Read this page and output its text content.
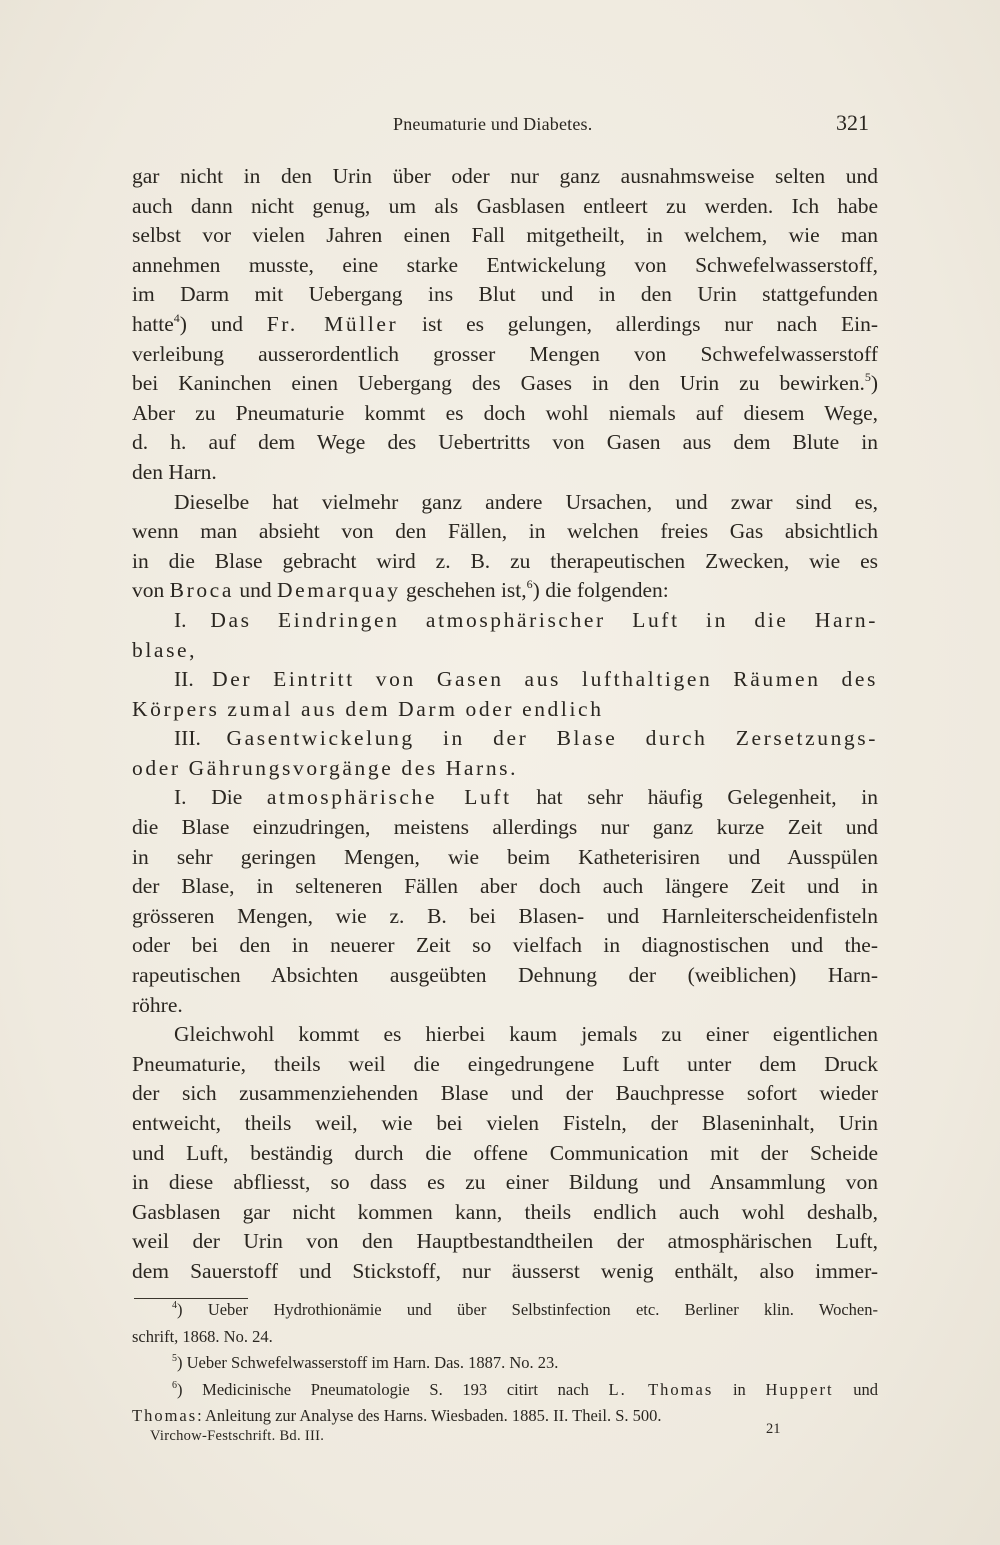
Pneumaturie und Diabetes.	321
gar nicht in den Urin über oder nur ganz ausnahmsweise selten und
auch dann nicht genug, um als Gasblasen entleert zu werden. Ich habe
selbst vor vielen Jahren einen Fall mitgetheilt, in welchem, wie man
annehmen musste, eine starke Entwickelung von Schwefelwasserstoff,
im Darm mit Uebergang ins Blut und in den Urin stattgefunden
hatte$^4$) und Fr. Müller ist es gelungen, allerdings nur nach Ein-
verleibung ausserordentlich grosser Mengen von Schwefelwasserstoff
bei Kaninchen einen Uebergang des Gases in den Urin zu bewirken.$^5$)
Aber zu Pneumaturie kommt es doch wohl niemals auf diesem Wege,
d. h. auf dem Wege des Uebertritts von Gasen aus dem Blute in
den Harn.
Dieselbe hat vielmehr ganz andere Ursachen, und zwar sind es,
wenn man absieht von den Fällen, in welchen freies Gas absichtlich
in die Blase gebracht wird z. B. zu therapeutischen Zwecken, wie es
von Broca und Demarquay geschehen ist,$^6$) die folgenden:
I. Das Eindringen atmosphärischer Luft in die Harn-
blase,
II. Der Eintritt von Gasen aus lufthaltigen Räumen des
Körpers zumal aus dem Darm oder endlich
III. Gasentwickelung in der Blase durch Zersetzungs-
oder Gährungsvorgänge des Harns.
I. Die atmosphärische Luft hat sehr häufig Gelegenheit, in
die Blase einzudringen, meistens allerdings nur ganz kurze Zeit und
in sehr geringen Mengen, wie beim Katheterisiren und Ausspülen
der Blase, in selteneren Fällen aber doch auch längere Zeit und in
grösseren Mengen, wie z. B. bei Blasen- und Harnleiterscheidenfisteln
oder bei den in neuerer Zeit so vielfach in diagnostischen und the-
rapeutischen Absichten ausgeübten Dehnung der (weiblichen) Harn-
röhre.
Gleichwohl kommt es hierbei kaum jemals zu einer eigentlichen
Pneumaturie, theils weil die eingedrungene Luft unter dem Druck
der sich zusammenziehenden Blase und der Bauchpresse sofort wieder
entweicht, theils weil, wie bei vielen Fisteln, der Blaseninhalt, Urin
und Luft, beständig durch die offene Communication mit der Scheide
in diese abfliesst, so dass es zu einer Bildung und Ansammlung von
Gasblasen gar nicht kommen kann, theils endlich auch wohl deshalb,
weil der Urin von den Hauptbestandtheilen der atmosphärischen Luft,
dem Sauerstoff und Stickstoff, nur äusserst wenig enthält, also immer-
$^4$) Ueber Hydrothionämie und über Selbstinfection etc. Berliner klin. Wochen-
schrift, 1868. No. 24.
$^5$) Ueber Schwefelwasserstoff im Harn. Das. 1887. No. 23.
$^6$) Medicinische Pneumatologie S. 193 citirt nach L. Thomas in Huppert und
Thomas: Anleitung zur Analyse des Harns. Wiesbaden. 1885. II. Theil. S. 500.
Virchow-Festschrift. Bd. III.	21
